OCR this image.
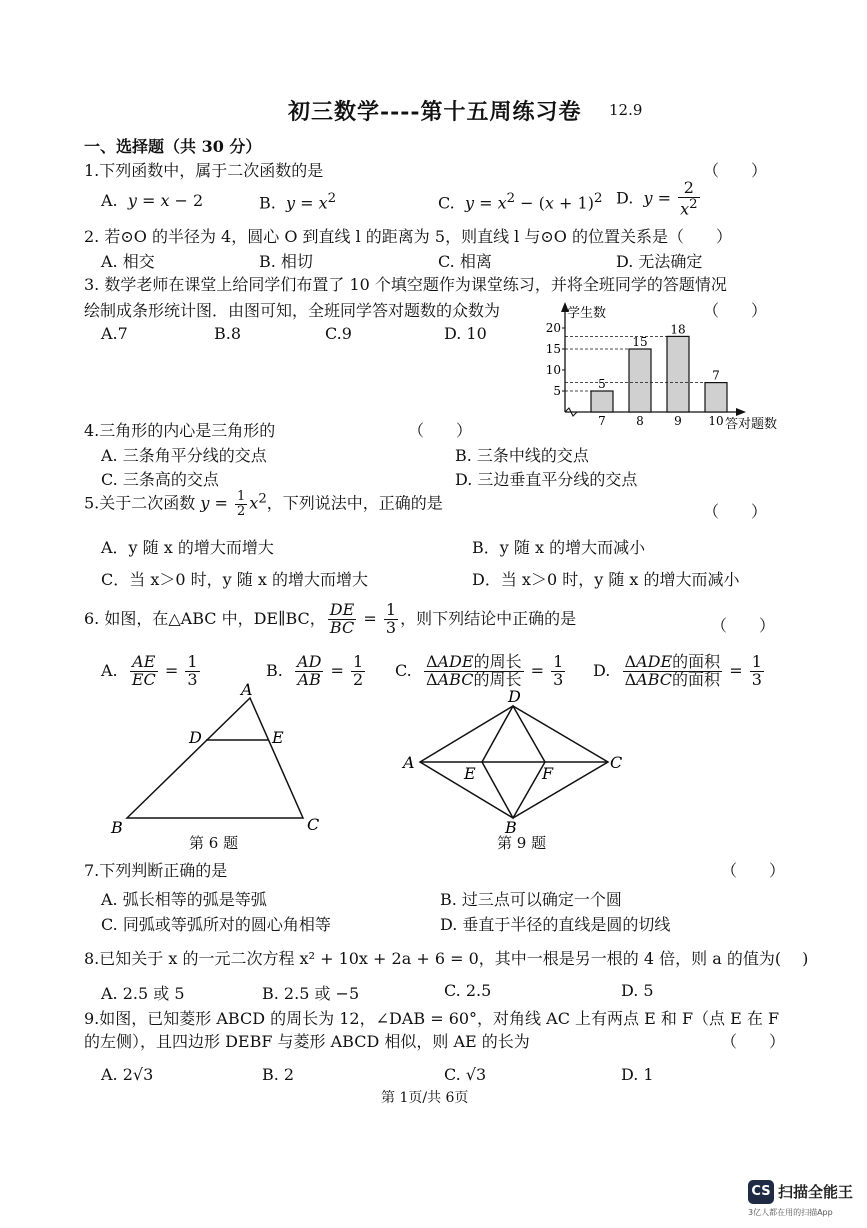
初三数学----第十五周练习卷 12.9
一、选择题（共 30 分）
1.下列函数中，属于二次函数的是	（　　）
A. y = x − 2	B. $y = x^2$	C. $y = x^2 - (x + 1)^2$ D. $y = \frac{2}{x^2}$
2. 若⊙O 的半径为 4，圆心 O 到直线 l 的距离为 5，则直线 l 与⊙O 的位置关系是（　　）
A. 相交	B. 相切	C. 相离	D. 无法确定
3. 数学老师在课堂上给同学们布置了 10 个填空题作为课堂练习，并将全班同学的答题情况
绘制成条形统计图．由图可知，全班同学答对题数的众数为	（　　）
A.7	B.8	C.9	D. 10
学生数
答对题数
5
10
15
20
5
7
15
8
18
9
7
10
4.三角形的内心是三角形的	（　　）
A. 三条角平分线的交点	B. 三条中线的交点
C. 三条高的交点	D. 三边垂直平分线的交点
5.关于二次函数 $y = \frac{1}{2} x^2$，下列说法中，正确的是	（　　）
A．y 随 x 的增大而增大	B．y 随 x 的增大而减小
C．当 x＞0 时，y 随 x 的增大而增大	D．当 x＞0 时，y 随 x 的增大而减小
6. 如图，在△ABC 中，DE∥BC， $\frac{DE}{BC} = \frac{1}{3}$ ，则下列结论中正确的是	（　　）
A. $\frac{AE}{EC} = \frac{1}{3}$	B. $\frac{AD}{AB} = \frac{1}{2} C$. $\frac{\text{ΔADE的周长}}{\text{ΔABC的周长}} = \frac{1}{3} D$. $\frac{\text{ΔADE的面积}}{\text{ΔABC的面积}} = \frac{1}{3}$
A
D	E
B	C
第 6 题
D
A	C
E	F
B
第 9 题
7.下列判断正确的是	（　　）
A. 弧长相等的弧是等弧	B. 过三点可以确定一个圆
C. 同弧或等弧所对的圆心角相等	D. 垂直于半径的直线是圆的切线
8.已知关于 x 的一元二次方程 x² + 10x + 2a + 6 = 0，其中一根是另一根的 4 倍，则 a 的值为(　 )
A. 2.5 或 5	B. 2.5 或 −5	C. 2.5	D. 5
9.如图，已知菱形 ABCD 的周长为 12，∠DAB = 60°，对角线 AC 上有两点 E 和 F（点 E 在 F
的左侧），且四边形 DEBF 与菱形 ABCD 相似，则 AE 的长为	（　　）
A. 2√3	B. 2	C. √3	D. 1
第 1页/共 6页
CS 扫描全能王
3亿人都在用的扫描App
